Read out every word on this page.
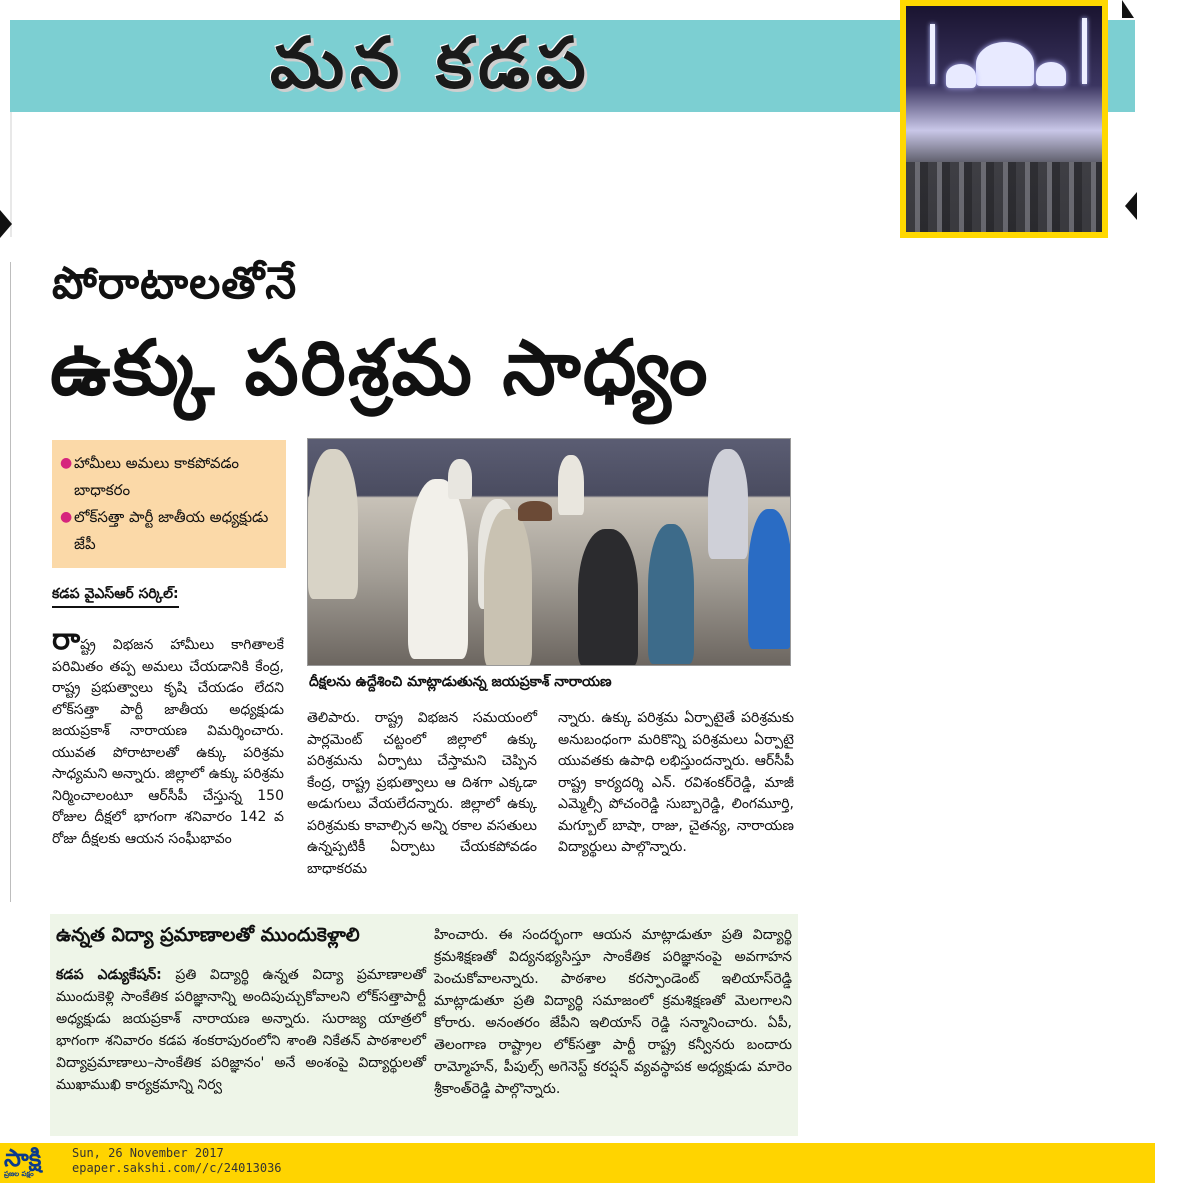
మన కడప
పోరాటాలతోనే
ఉక్కు పరిశ్రమ సాధ్యం
● హామీలు అమలు కాకపోవడం బాధాకరం
● లోక్‌సత్తా పార్టీ జాతీయ అధ్యక్షుడు జేపీ
దీక్షలను ఉద్దేశించి మాట్లాడుతున్న జయప్రకాశ్ నారాయణ
కడప వైఎస్‌ఆర్ సర్కిల్:
రాష్ట్ర విభజన హామీలు కాగితాలకే పరిమితం తప్ప అమలు చేయడానికి కేంద్ర, రాష్ట్ర ప్రభుత్వాలు కృషి చేయడం లేదని లోక్‌సత్తా పార్టీ జాతీయ అధ్యక్షుడు జయప్రకాశ్ నారాయణ విమర్శించారు. యువత పోరాటాలతో ఉక్కు పరిశ్రమ సాధ్యమని అన్నారు. జిల్లాలో ఉక్కు పరిశ్రమ నిర్మించాలంటూ ఆర్‌సీపీ చేస్తున్న 150 రోజుల దీక్షలో భాగంగా శనివారం 142 వ రోజు దీక్షలకు ఆయన సంఘీభావం
తెలిపారు. రాష్ట్ర విభజన సమయంలో పార్లమెంట్ చట్టంలో జిల్లాలో ఉక్కు పరిశ్రమను ఏర్పాటు చేస్తామని చెప్పిన కేంద్ర, రాష్ట్ర ప్రభుత్వాలు ఆ దిశగా ఎక్కడా అడుగులు వేయలేదన్నారు. జిల్లాలో ఉక్కు పరిశ్రమకు కావాల్సిన అన్ని రకాల వసతులు ఉన్నప్పటికీ ఏర్పాటు చేయకపోవడం బాధాకరమ
న్నారు. ఉక్కు పరిశ్రమ ఏర్పాటైతే పరిశ్రమకు అనుబంధంగా మరికొన్ని పరిశ్రమలు ఏర్పాటై యువతకు ఉపాధి లభిస్తుందన్నారు. ఆర్‌సీపీ రాష్ట్ర కార్యదర్శి ఎన్. రవిశంకర్‌రెడ్డి, మాజీ ఎమ్మెల్సీ పోచంరెడ్డి సుబ్బారెడ్డి, లింగమూర్తి, మగ్బూల్ బాషా, రాజు, చైతన్య, నారాయణ విద్యార్థులు పాల్గొన్నారు.
ఉన్నత విద్యా ప్రమాణాలతో ముందుకెళ్లాలి
కడప ఎడ్యుకేషన్: ప్రతి విద్యార్థి ఉన్నత విద్యా ప్రమాణాలతో ముందుకెళ్లి సాంకేతిక పరిజ్ఞానాన్ని అందిపుచ్చుకోవాలని లోక్‌సత్తాపార్టీ అధ్యక్షుడు జయప్రకాశ్ నారాయణ అన్నారు. సురాజ్య యాత్రలో భాగంగా శనివారం కడప శంకరాపురంలోని శాంతి నికేతన్ పాఠశాలలో విద్యాప్రమాణాలు–సాంకేతిక పరిజ్ఞానం' అనే అంశంపై విద్యార్థులతో ముఖాముఖి కార్యక్రమాన్ని నిర్వ
హించారు. ఈ సందర్భంగా ఆయన మాట్లాడుతూ ప్రతి విద్యార్థి క్రమశిక్షణతో విద్యనభ్యసిస్తూ సాంకేతిక పరిజ్ఞానంపై అవగాహన పెంచుకోవాలన్నారు. పాఠశాల కరస్పాండెంట్ ఇలియాస్‌రెడ్డి మాట్లాడుతూ ప్రతి విద్యార్థి సమాజంలో క్రమశిక్షణతో మెలగాలని కోరారు. అనంతరం జేపీని ఇలియాస్ రెడ్డి సన్మానించారు. ఏపీ, తెలంగాణ రాష్ట్రాల లోక్‌సత్తా పార్టీ రాష్ట్ర కన్వీనరు బందారు రామ్మోహన్, పీపుల్స్ అగెనెస్ట్ కరప్షన్ వ్యవస్థాపక అధ్యక్షుడు మారెం శ్రీకాంత్‌రెడ్డి పాల్గొన్నారు.
సాక్షి
ప్రజల పక్షం
Sun, 26 November 2017
epaper.sakshi.com//c/24013036
